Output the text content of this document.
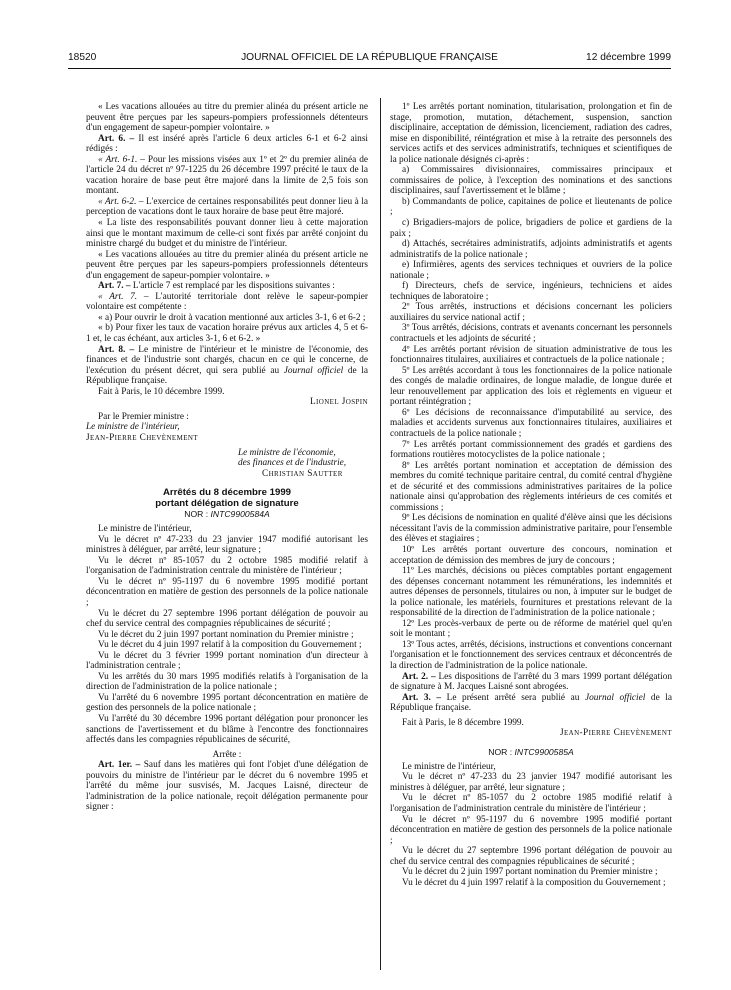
18520	JOURNAL OFFICIEL DE LA RÉPUBLIQUE FRANÇAISE	12 décembre 1999

« Les vacations allouées au titre du premier alinéa du présent article ne peuvent être perçues par les sapeurs-pompiers professionnels détenteurs d'un engagement de sapeur-pompier volontaire. »

Art. 6. – Il est inséré après l'article 6 deux articles 6-1 et 6-2 ainsi rédigés :

« Art. 6-1. – Pour les missions visées aux 1º et 2º du premier alinéa de l'article 24 du décret nº 97-1225 du 26 décembre 1997 précité le taux de la vacation horaire de base peut être majoré dans la limite de 2,5 fois son montant.

« Art. 6-2. – L'exercice de certaines responsabilités peut donner lieu à la perception de vacations dont le taux horaire de base peut être majoré.

« La liste des responsabilités pouvant donner lieu à cette majoration ainsi que le montant maximum de celle-ci sont fixés par arrêté conjoint du ministre chargé du budget et du ministre de l'intérieur.

« Les vacations allouées au titre du premier alinéa du présent article ne peuvent être perçues par les sapeurs-pompiers professionnels détenteurs d'un engagement de sapeur-pompier volontaire. »

Art. 7. – L'article 7 est remplacé par les dispositions suivantes :

« Art. 7. – L'autorité territoriale dont relève le sapeur-pompier volontaire est compétente :

« a) Pour ouvrir le droit à vacation mentionné aux articles 3-1, 6 et 6-2 ;

« b) Pour fixer les taux de vacation horaire prévus aux articles 4, 5 et 6-1 et, le cas échéant, aux articles 3-1, 6 et 6-2. »

Art. 8. – Le ministre de l'intérieur et le ministre de l'économie, des finances et de l'industrie sont chargés, chacun en ce qui le concerne, de l'exécution du présent décret, qui sera publié au Journal officiel de la République française.

Fait à Paris, le 10 décembre 1999.

Lionel Jospin

Par le Premier ministre :

Le ministre de l'intérieur,
Jean-Pierre Chevènement
Le ministre de l'économie,
des finances et de l'industrie,
Christian Sautter
Arrêtés du 8 décembre 1999
portant délégation de signature
NOR : INTC9900584A

Le ministre de l'intérieur,

Vu le décret nº 47-233 du 23 janvier 1947 modifié autorisant les ministres à déléguer, par arrêté, leur signature ;

Vu le décret nº 85-1057 du 2 octobre 1985 modifié relatif à l'organisation de l'administration centrale du ministère de l'intérieur ;

Vu le décret nº 95-1197 du 6 novembre 1995 modifié portant déconcentration en matière de gestion des personnels de la police nationale ;

Vu le décret du 27 septembre 1996 portant délégation de pouvoir au chef du service central des compagnies républicaines de sécurité ;

Vu le décret du 2 juin 1997 portant nomination du Premier ministre ;

Vu le décret du 4 juin 1997 relatif à la composition du Gouvernement ;

Vu le décret du 3 février 1999 portant nomination d'un directeur à l'administration centrale ;

Vu les arrêtés du 30 mars 1995 modifiés relatifs à l'organisation de la direction de l'administration de la police nationale ;

Vu l'arrêté du 6 novembre 1995 portant déconcentration en matière de gestion des personnels de la police nationale ;

Vu l'arrêté du 30 décembre 1996 portant délégation pour prononcer les sanctions de l'avertissement et du blâme à l'encontre des fonctionnaires affectés dans les compagnies républicaines de sécurité,

Arrête :

Art. 1er. – Sauf dans les matières qui font l'objet d'une délégation de pouvoirs du ministre de l'intérieur par le décret du 6 novembre 1995 et l'arrêté du même jour susvisés, M. Jacques Laisné, directeur de l'administration de la police nationale, reçoit délégation permanente pour signer :

1º Les arrêtés portant nomination, titularisation, prolongation et fin de stage, promotion, mutation, détachement, suspension, sanction disciplinaire, acceptation de démission, licenciement, radiation des cadres, mise en disponibilité, réintégration et mise à la retraite des personnels des services actifs et des services administratifs, techniques et scientifiques de la police nationale désignés ci-après :

a) Commissaires divisionnaires, commissaires principaux et commissaires de police, à l'exception des nominations et des sanctions disciplinaires, sauf l'avertissement et le blâme ;

b) Commandants de police, capitaines de police et lieutenants de police ;

c) Brigadiers-majors de police, brigadiers de police et gardiens de la paix ;

d) Attachés, secrétaires administratifs, adjoints administratifs et agents administratifs de la police nationale ;

e) Infirmières, agents des services techniques et ouvriers de la police nationale ;

f) Directeurs, chefs de service, ingénieurs, techniciens et aides techniques de laboratoire ;

2º Tous arrêtés, instructions et décisions concernant les policiers auxiliaires du service national actif ;

3º Tous arrêtés, décisions, contrats et avenants concernant les personnels contractuels et les adjoints de sécurité ;

4º Les arrêtés portant révision de situation administrative de tous les fonctionnaires titulaires, auxiliaires et contractuels de la police nationale ;

5º Les arrêtés accordant à tous les fonctionnaires de la police nationale des congés de maladie ordinaires, de longue maladie, de longue durée et leur renouvellement par application des lois et règlements en vigueur et portant réintégration ;

6º Les décisions de reconnaissance d'imputabilité au service, des maladies et accidents survenus aux fonctionnaires titulaires, auxiliaires et contractuels de la police nationale ;

7º Les arrêtés portant commissionnement des gradés et gardiens des formations routières motocyclistes de la police nationale ;

8º Les arrêtés portant nomination et acceptation de démission des membres du comité technique paritaire central, du comité central d'hygiène et de sécurité et des commissions administratives paritaires de la police nationale ainsi qu'approbation des règlements intérieurs de ces comités et commissions ;

9º Les décisions de nomination en qualité d'élève ainsi que les décisions nécessitant l'avis de la commission administrative paritaire, pour l'ensemble des élèves et stagiaires ;

10º Les arrêtés portant ouverture des concours, nomination et acceptation de démission des membres de jury de concours ;

11º Les marchés, décisions ou pièces comptables portant engagement des dépenses concernant notamment les rémunérations, les indemnités et autres dépenses de personnels, titulaires ou non, à imputer sur le budget de la police nationale, les matériels, fournitures et prestations relevant de la responsabilité de la direction de l'administration de la police nationale ;

12º Les procès-verbaux de perte ou de réforme de matériel quel qu'en soit le montant ;

13º Tous actes, arrêtés, décisions, instructions et conventions concernant l'organisation et le fonctionnement des services centraux et déconcentrés de la direction de l'administration de la police nationale.

Art. 2. – Les dispositions de l'arrêté du 3 mars 1999 portant délégation de signature à M. Jacques Laisné sont abrogées.

Art. 3. – Le présent arrêté sera publié au Journal officiel de la République française.

Fait à Paris, le 8 décembre 1999.

Jean-Pierre Chevènement
NOR : INTC9900585A

Le ministre de l'intérieur,

Vu le décret nº 47-233 du 23 janvier 1947 modifié autorisant les ministres à déléguer, par arrêté, leur signature ;

Vu le décret nº 85-1057 du 2 octobre 1985 modifié relatif à l'organisation de l'administration centrale du ministère de l'intérieur ;

Vu le décret nº 95-1197 du 6 novembre 1995 modifié portant déconcentration en matière de gestion des personnels de la police nationale ;

Vu le décret du 27 septembre 1996 portant délégation de pouvoir au chef du service central des compagnies républicaines de sécurité ;

Vu le décret du 2 juin 1997 portant nomination du Premier ministre ;

Vu le décret du 4 juin 1997 relatif à la composition du Gouvernement ;
